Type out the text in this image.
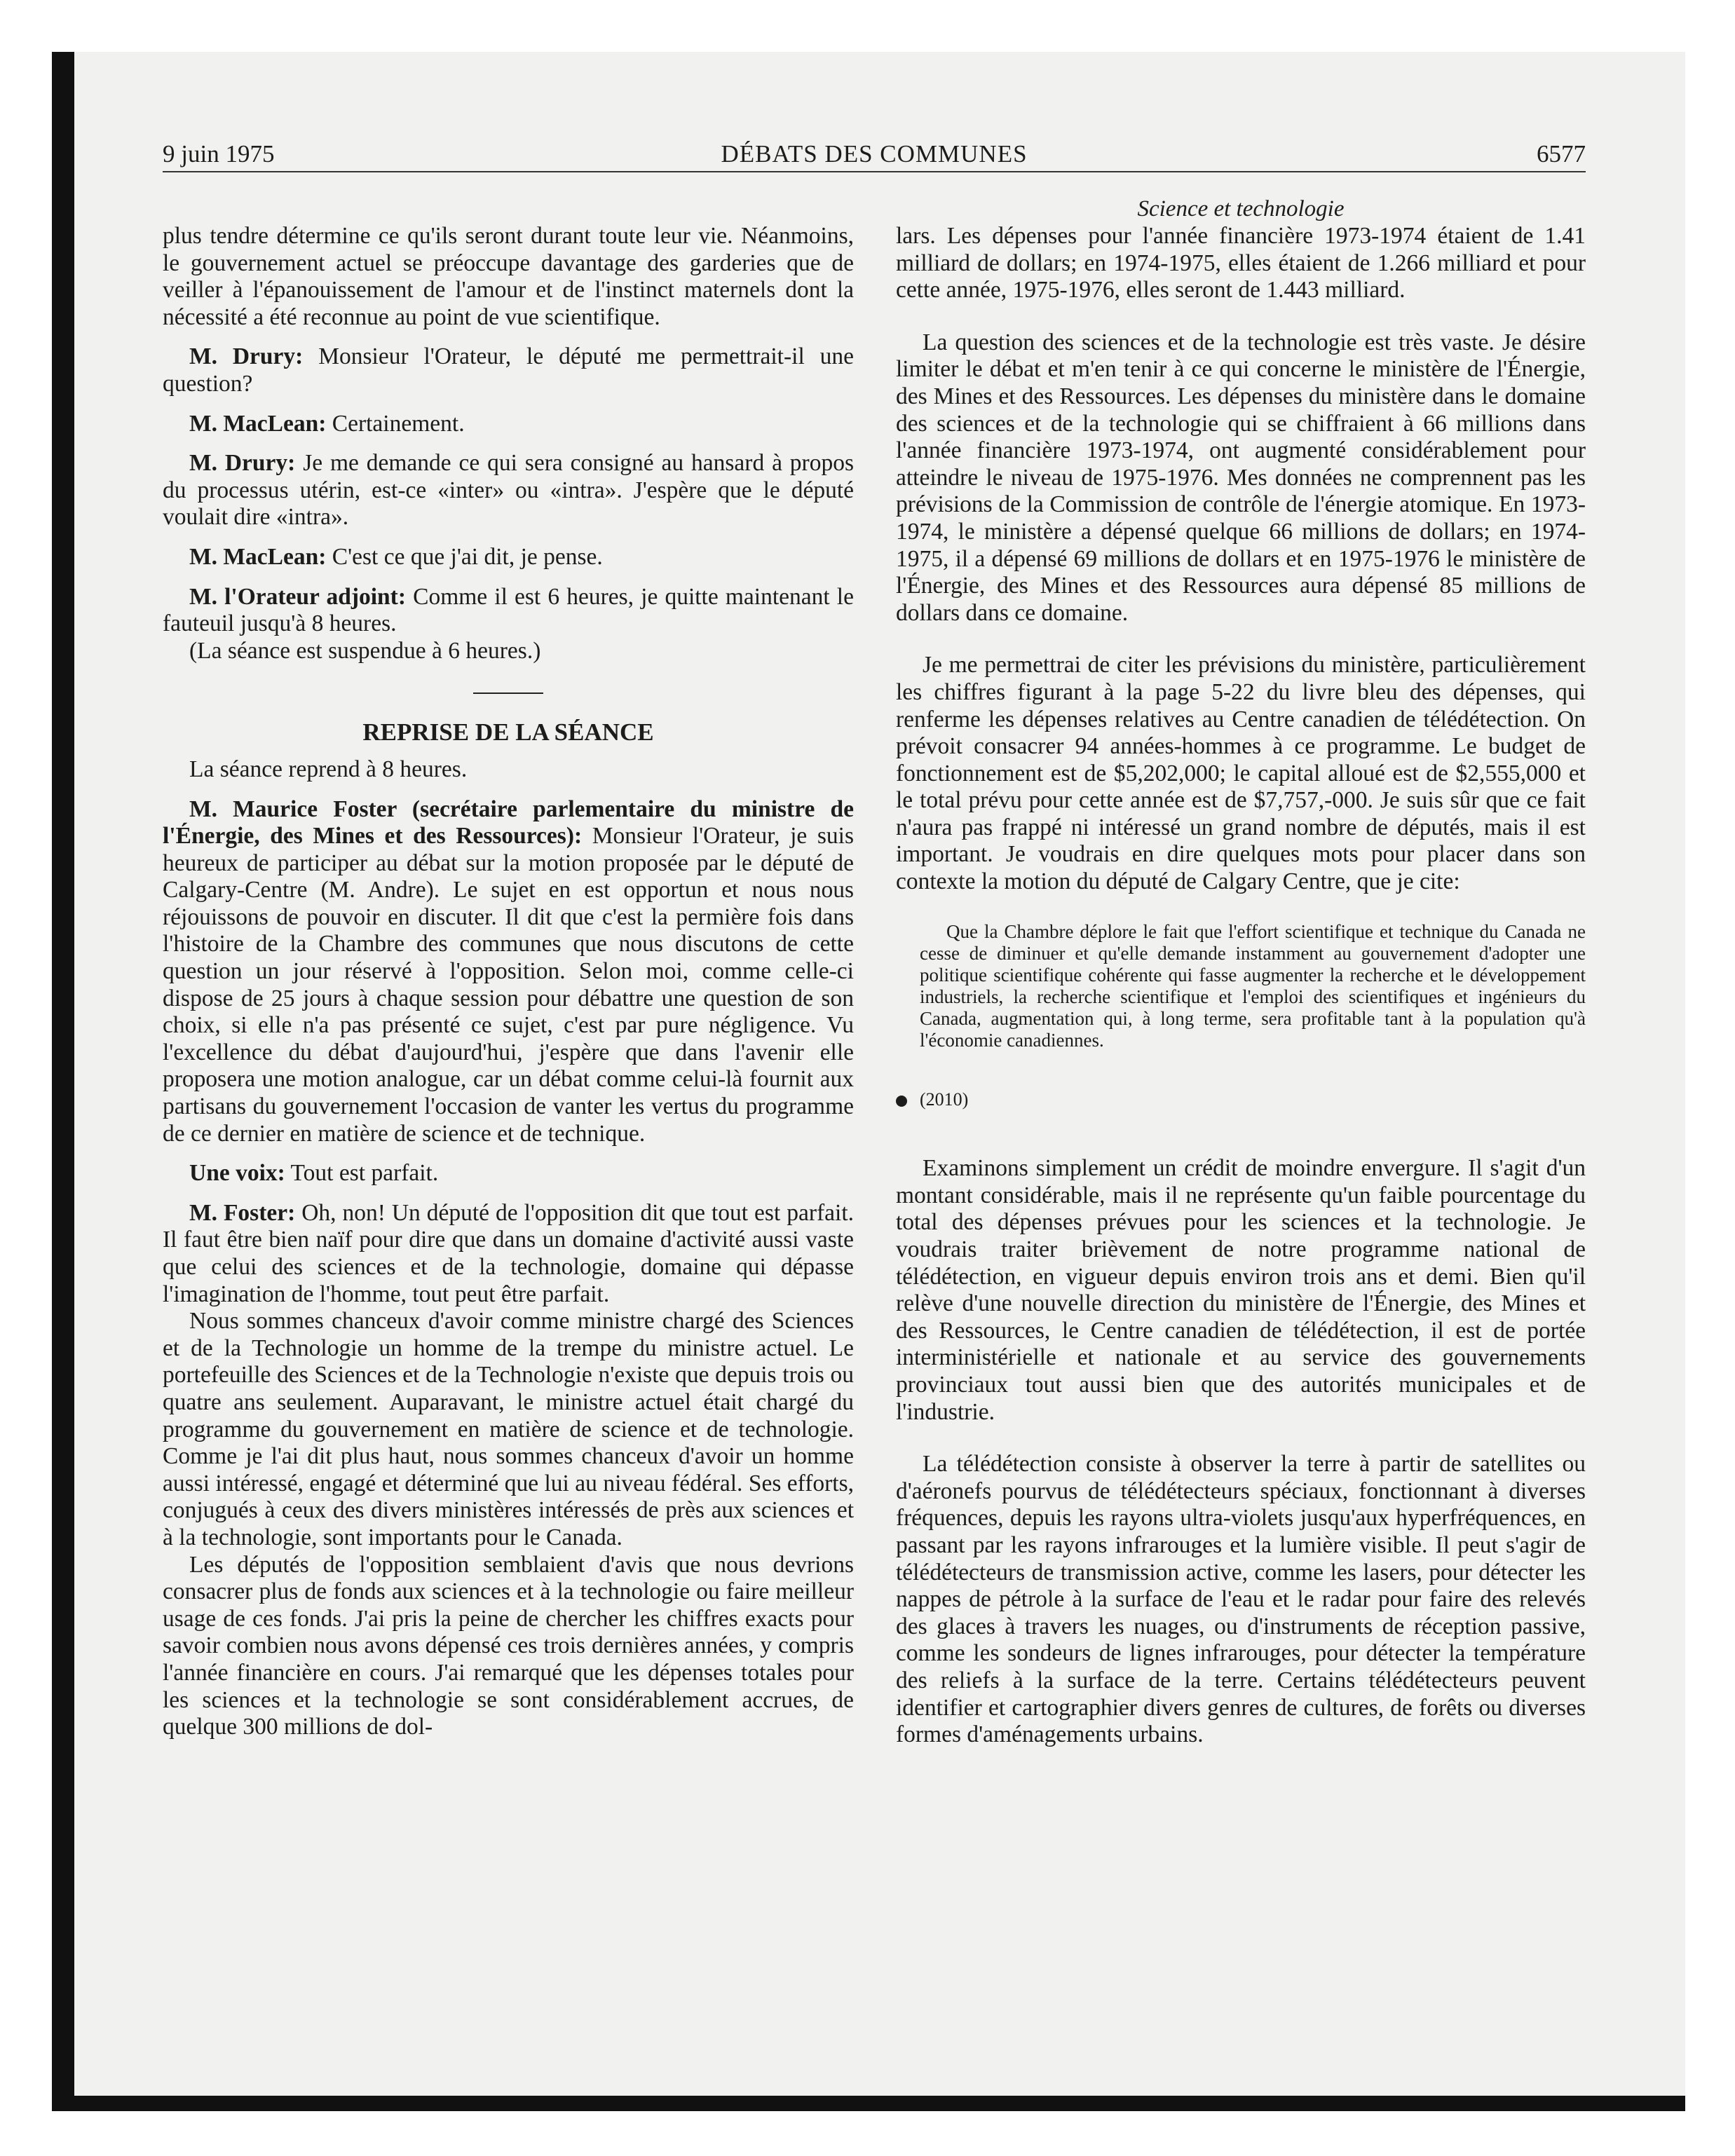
9 juin 1975	DÉBATS DES COMMUNES	6577
Science et technologie

plus tendre détermine ce qu'ils seront durant toute leur vie. Néanmoins, le gouvernement actuel se préoccupe davantage des garderies que de veiller à l'épanouissement de l'amour et de l'instinct maternels dont la nécessité a été reconnue au point de vue scientifique.

M. Drury: Monsieur l'Orateur, le député me permettrait-il une question?

M. MacLean: Certainement.

M. Drury: Je me demande ce qui sera consigné au hansard à propos du processus utérin, est-ce «inter» ou «intra». J'espère que le député voulait dire «intra».

M. MacLean: C'est ce que j'ai dit, je pense.

M. l'Orateur adjoint: Comme il est 6 heures, je quitte maintenant le fauteuil jusqu'à 8 heures.

(La séance est suspendue à 6 heures.)

REPRISE DE LA SÉANCE

La séance reprend à 8 heures.

M. Maurice Foster (secrétaire parlementaire du ministre de l'Énergie, des Mines et des Ressources): Monsieur l'Orateur, je suis heureux de participer au débat sur la motion proposée par le député de Calgary-Centre (M. Andre). Le sujet en est opportun et nous nous réjouissons de pouvoir en discuter. Il dit que c'est la permière fois dans l'histoire de la Chambre des communes que nous discutons de cette question un jour réservé à l'opposition. Selon moi, comme celle-ci dispose de 25 jours à chaque session pour débattre une question de son choix, si elle n'a pas présenté ce sujet, c'est par pure négligence. Vu l'excellence du débat d'aujourd'hui, j'espère que dans l'avenir elle proposera une motion analogue, car un débat comme celui-là fournit aux partisans du gouvernement l'occasion de vanter les vertus du programme de ce dernier en matière de science et de technique.

Une voix: Tout est parfait.

M. Foster: Oh, non! Un député de l'opposition dit que tout est parfait. Il faut être bien naïf pour dire que dans un domaine d'activité aussi vaste que celui des sciences et de la technologie, domaine qui dépasse l'imagination de l'homme, tout peut être parfait.

Nous sommes chanceux d'avoir comme ministre chargé des Sciences et de la Technologie un homme de la trempe du ministre actuel. Le portefeuille des Sciences et de la Technologie n'existe que depuis trois ou quatre ans seulement. Auparavant, le ministre actuel était chargé du programme du gouvernement en matière de science et de technologie. Comme je l'ai dit plus haut, nous sommes chanceux d'avoir un homme aussi intéressé, engagé et déterminé que lui au niveau fédéral. Ses efforts, conjugués à ceux des divers ministères intéressés de près aux sciences et à la technologie, sont importants pour le Canada.

Les députés de l'opposition semblaient d'avis que nous devrions consacrer plus de fonds aux sciences et à la technologie ou faire meilleur usage de ces fonds. J'ai pris la peine de chercher les chiffres exacts pour savoir combien nous avons dépensé ces trois dernières années, y compris l'année financière en cours. J'ai remarqué que les dépenses totales pour les sciences et la technologie se sont considérablement accrues, de quelque 300 millions de dol-

lars. Les dépenses pour l'année financière 1973-1974 étaient de 1.41 milliard de dollars; en 1974-1975, elles étaient de 1.266 milliard et pour cette année, 1975-1976, elles seront de 1.443 milliard.

La question des sciences et de la technologie est très vaste. Je désire limiter le débat et m'en tenir à ce qui concerne le ministère de l'Énergie, des Mines et des Ressources. Les dépenses du ministère dans le domaine des sciences et de la technologie qui se chiffraient à 66 millions dans l'année financière 1973-1974, ont augmenté considérablement pour atteindre le niveau de 1975-1976. Mes données ne comprennent pas les prévisions de la Commission de contrôle de l'énergie atomique. En 1973-1974, le ministère a dépensé quelque 66 millions de dollars; en 1974-1975, il a dépensé 69 millions de dollars et en 1975-1976 le ministère de l'Énergie, des Mines et des Ressources aura dépensé 85 millions de dollars dans ce domaine.

Je me permettrai de citer les prévisions du ministère, particulièrement les chiffres figurant à la page 5-22 du livre bleu des dépenses, qui renferme les dépenses relatives au Centre canadien de télédétection. On prévoit consacrer 94 années-hommes à ce programme. Le budget de fonctionnement est de $5,202,000; le capital alloué est de $2,555,000 et le total prévu pour cette année est de $7,757,-000. Je suis sûr que ce fait n'aura pas frappé ni intéressé un grand nombre de députés, mais il est important. Je voudrais en dire quelques mots pour placer dans son contexte la motion du député de Calgary Centre, que je cite:

Que la Chambre déplore le fait que l'effort scientifique et technique du Canada ne cesse de diminuer et qu'elle demande instamment au gouvernement d'adopter une politique scientifique cohérente qui fasse augmenter la recherche et le développement industriels, la recherche scientifique et l'emploi des scientifiques et ingénieurs du Canada, augmentation qui, à long terme, sera profitable tant à la population qu'à l'économie canadiennes.

(2010)

Examinons simplement un crédit de moindre envergure. Il s'agit d'un montant considérable, mais il ne représente qu'un faible pourcentage du total des dépenses prévues pour les sciences et la technologie. Je voudrais traiter brièvement de notre programme national de télédétection, en vigueur depuis environ trois ans et demi. Bien qu'il relève d'une nouvelle direction du ministère de l'Énergie, des Mines et des Ressources, le Centre canadien de télédétection, il est de portée interministérielle et nationale et au service des gouvernements provinciaux tout aussi bien que des autorités municipales et de l'industrie.

La télédétection consiste à observer la terre à partir de satellites ou d'aéronefs pourvus de télédétecteurs spéciaux, fonctionnant à diverses fréquences, depuis les rayons ultra-violets jusqu'aux hyperfréquences, en passant par les rayons infrarouges et la lumière visible. Il peut s'agir de télédétecteurs de transmission active, comme les lasers, pour détecter les nappes de pétrole à la surface de l'eau et le radar pour faire des relevés des glaces à travers les nuages, ou d'instruments de réception passive, comme les sondeurs de lignes infrarouges, pour détecter la température des reliefs à la surface de la terre. Certains télédétecteurs peuvent identifier et cartographier divers genres de cultures, de forêts ou diverses formes d'aménagements urbains.
